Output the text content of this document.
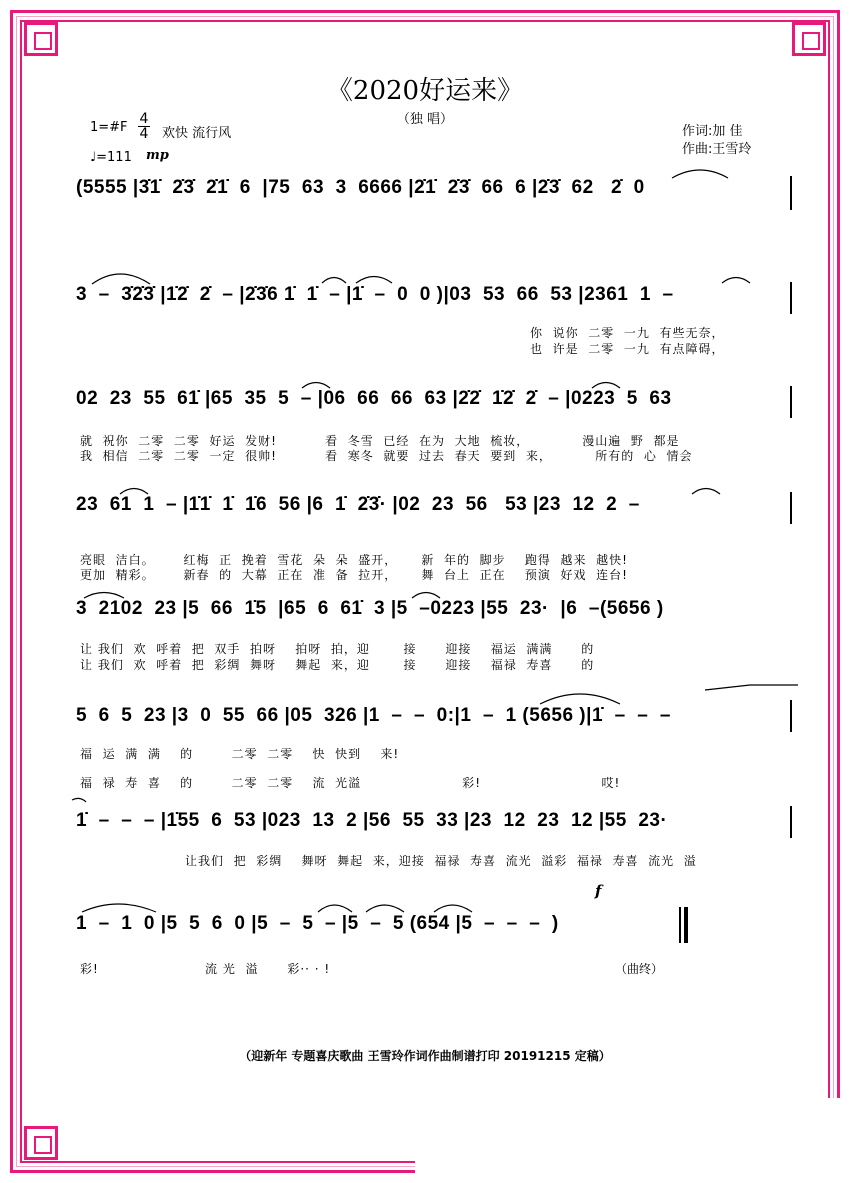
《2020好运来》
（独 唱）
1=#F
4
4 欢快 流行风
♩=111 mp
作词:加 佳
作曲:王雪玲
(5555 |3̇1̇  2̇3̇  2̇1̇  6  |75  63  3  6666 |2̇1̇  2̇3̇  66  6 |2̇3̇  62   2̇  0
3  –  3̇2̇3̇ |1̇2̇  2̇  – |2̇3̇6 1̇  1̇  – |1̇  –  0  0 )|03  53  66  53 |2361  1  –
你  说你  二零  一九  有些无奈，
也  许是  二零  一九  有点障碍，
02  23  55  61̇ |65  35  5  – |06  66  66  63 |2̇2̇  1̇2̇  2̇  – |0223  5  63
就  祝你  二零  二零  好运  发财!          看  冬雪  已经  在为  大地  梳妆，           漫山遍  野  都是
我  相信  二零  二零  一定  很帅!          看  寒冬  就要  过去  春天  要到  来，         所有的  心  情会
23  61  1  – |1̇1̇  1̇  1̇6  56 |6  1̇  2̇3̇· |02  23  56   53 |23  12  2  –
亮眼  洁白。      红梅  正  挽着  雪花  朵  朵  盛开，     新  年的  脚步    跑得  越来  越快!
更加  精彩。      新春  的  大幕  正在  准  备  拉开，     舞  台上  正在    预演  好戏  连台!
3  2102  23 |5  66  1̇5  |65  6  61̇  3 |5  –0223 |55  23·  |6  –(5656 )
让 我们  欢  呼着  把  双手  拍呀    拍呀  拍，迎       接      迎接    福运  满满      的
让 我们  欢  呼着  把  彩绸  舞呀    舞起  来，迎       接      迎接    福禄  寿喜      的
5  6  5  23 |3  0  55  66 |05  326 |1  –  –  0:|1  –  1 (5656 )|1̇  –  –  –
福  运  满  满    的        二零  二零    快  快到    来!
福  禄  寿  喜    的        二零  二零    流  光溢                     彩!                         哎!
1̇  –  –  – |1̇55  6  53 |023  13  2 |56  55  33 |23  12  23  12 |55  23·
让我们  把  彩绸    舞呀  舞起  来，迎接  福禄  寿喜  流光  溢彩  福禄  寿喜  流光  溢
f
1  –  1  0 |5  5  6  0 |5  –  5  – |5  –  5 (654 |5  –  –  –  )
彩!	流 光  溢      彩·· · !	（曲终）
（迎新年 专题喜庆歌曲 王雪玲作词作曲制谱打印 20191215 定稿）
